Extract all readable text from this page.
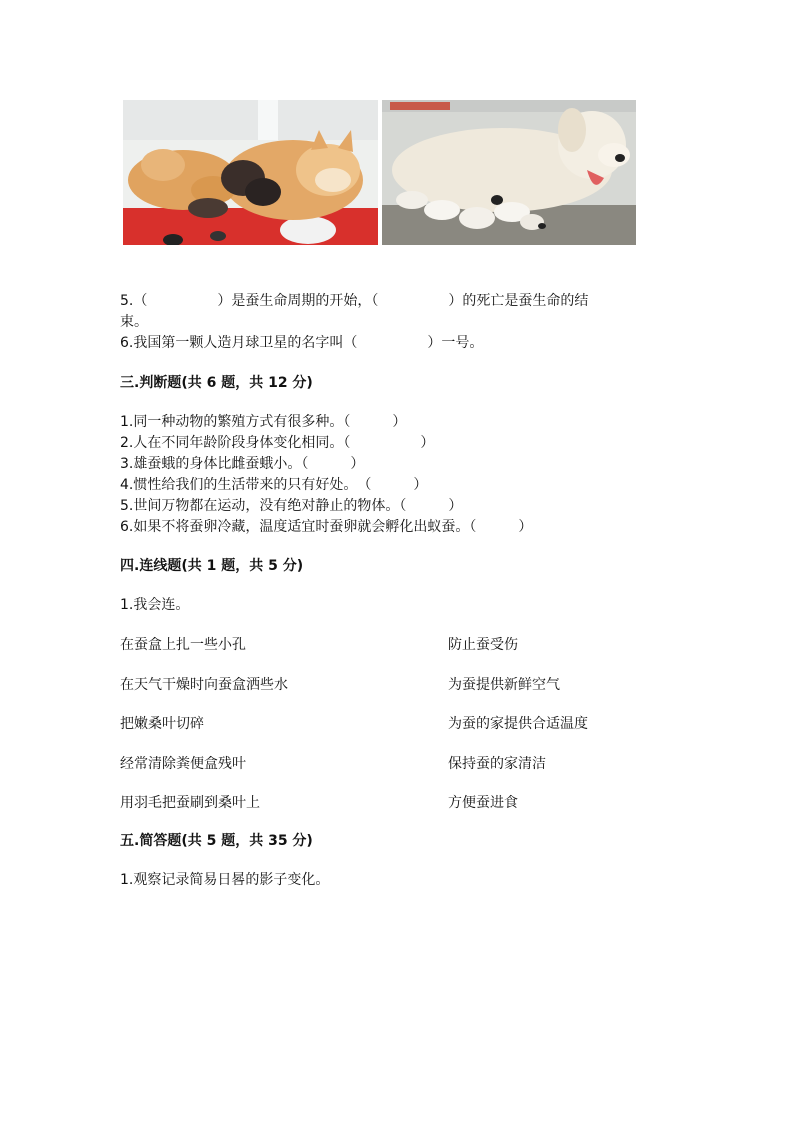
5.（　　　　　）是蚕生命周期的开始，（　　　　　）的死亡是蚕生命的结
束。
6.我国第一颗人造月球卫星的名字叫（　　　　　）一号。
三.判断题(共 6 题，共 12 分)
1.同一种动物的繁殖方式有很多种。（　　　）
2.人在不同年龄阶段身体变化相同。（　　　　　）
3.雄蚕蛾的身体比雌蚕蛾小。（　　　）
4.惯性给我们的生活带来的只有好处。　（　　　）
5.世间万物都在运动，没有绝对静止的物体。（　　　）
6.如果不将蚕卵冷藏，温度适宜时蚕卵就会孵化出蚁蚕。（　　　）
四.连线题(共 1 题，共 5 分)
1.我会连。
在蚕盒上扎一些小孔	防止蚕受伤
在天气干燥时向蚕盒洒些水	为蚕提供新鲜空气
把嫩桑叶切碎	为蚕的家提供合适温度
经常清除粪便盒残叶	保持蚕的家清洁
用羽毛把蚕刷到桑叶上	方便蚕进食
五.简答题(共 5 题，共 35 分)
1.观察记录简易日晷的影子变化。
